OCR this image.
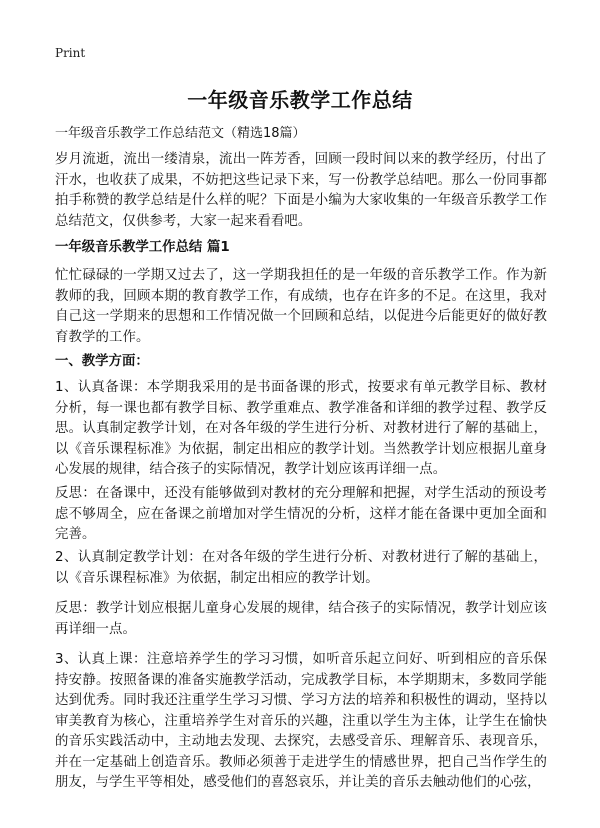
Print
一年级音乐教学工作总结

一年级音乐教学工作总结范文（精选18篇）

岁月流逝，流出一缕清泉，流出一阵芳香，回顾一段时间以来的教学经历，付出了汗水，也收获了成果，不妨把这些记录下来，写一份教学总结吧。那么一份同事都拍手称赞的教学总结是什么样的呢？下面是小编为大家收集的一年级音乐教学工作总结范文，仅供参考，大家一起来看看吧。

一年级音乐教学工作总结 篇1

忙忙碌碌的一学期又过去了，这一学期我担任的是一年级的音乐教学工作。作为新教师的我，回顾本期的教育教学工作，有成绩，也存在许多的不足。在这里，我对自己这一学期来的思想和工作情况做一个回顾和总结，以促进今后能更好的做好教育教学的工作。

一、教学方面：

1、认真备课：本学期我采用的是书面备课的形式，按要求有单元教学目标、教材分析，每一课也都有教学目标、教学重难点、教学准备和详细的教学过程、教学反思。认真制定教学计划，在对各年级的学生进行分析、对教材进行了解的基础上，以《音乐课程标准》为依据，制定出相应的教学计划。当然教学计划应根据儿童身心发展的规律，结合孩子的实际情况，教学计划应该再详细一点。

反思：在备课中，还没有能够做到对教材的充分理解和把握，对学生活动的预设考虑不够周全，应在备课之前增加对学生情况的分析，这样才能在备课中更加全面和完善。

2、认真制定教学计划：在对各年级的学生进行分析、对教材进行了解的基础上，以《音乐课程标准》为依据，制定出相应的教学计划。

反思：教学计划应根据儿童身心发展的规律，结合孩子的实际情况，教学计划应该再详细一点。

3、认真上课：注意培养学生的学习习惯，如听音乐起立问好、听到相应的音乐保持安静。按照备课的准备实施教学活动，完成教学目标，本学期期末，多数同学能达到优秀。同时我还注重学生学习习惯、学习方法的培养和积极性的调动，坚持以审美教育为核心，注重培养学生对音乐的兴趣，注重以学生为主体，让学生在愉快的音乐实践活动中，主动地去发现、去探究，去感受音乐、理解音乐、表现音乐，并在一定基础上创造音乐。教师必须善于走进学生的情感世界，把自己当作学生的朋友，与学生平等相处，感受他们的喜怒哀乐，并让美的音乐去触动他们的心弦，
